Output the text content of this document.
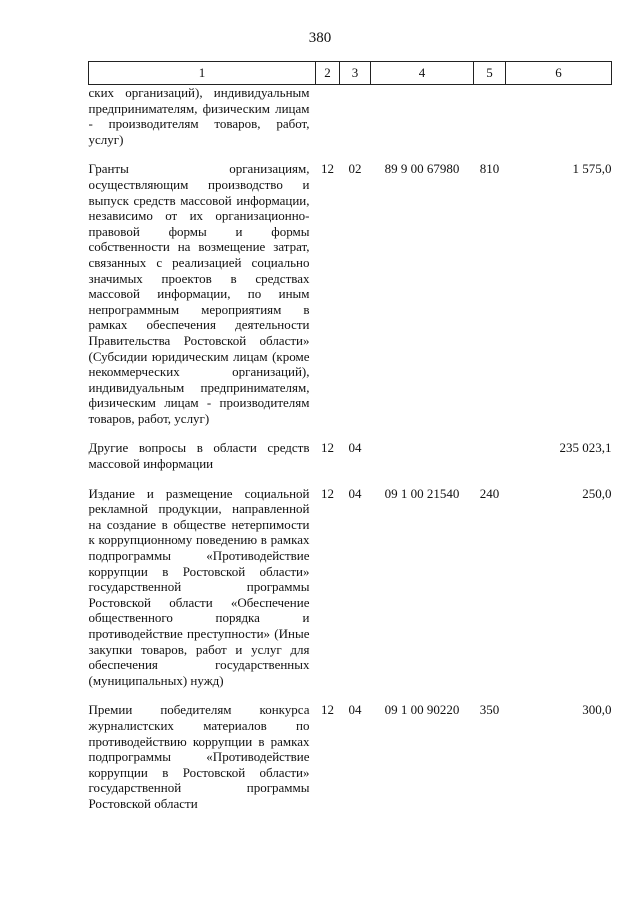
380
1	2	3	4	5	6
ских организаций), индивидуальным предпринимателям, физическим лицам - производителям товаров, работ, услуг)					

Гранты организациям, осуществляющим производство и выпуск средств массовой информации, независимо от их организационно-правовой формы и формы собственности на возмещение затрат, связанных с реализацией социально значимых проектов в средствах массовой информации, по иным непрограммным мероприятиям в рамках обеспечения деятельности Правительства Ростовской области» (Субсидии юридическим лицам (кроме некоммерческих организаций), индивидуальным предпринимателям, физическим лицам - производителям товаров, работ, услуг)	12	02	89 9 00 67980	810	1 575,0

Другие вопросы в области средств массовой информации	12	04			235 023,1

Издание и размещение социальной рекламной продукции, направленной на создание в обществе нетерпимости к коррупционному поведению в рамках подпрограммы «Противодействие коррупции в Ростовской области» государственной программы Ростовской области «Обеспечение общественного порядка и противодействие преступности» (Иные закупки товаров, работ и услуг для обеспечения государственных (муниципальных) нужд)	12	04	09 1 00 21540	240	250,0

Премии победителям конкурса журналистских материалов по противодействию коррупции в рамках подпрограммы «Противодействие коррупции в Ростовской области» государственной программы Ростовской области	12	04	09 1 00 90220	350	300,0
